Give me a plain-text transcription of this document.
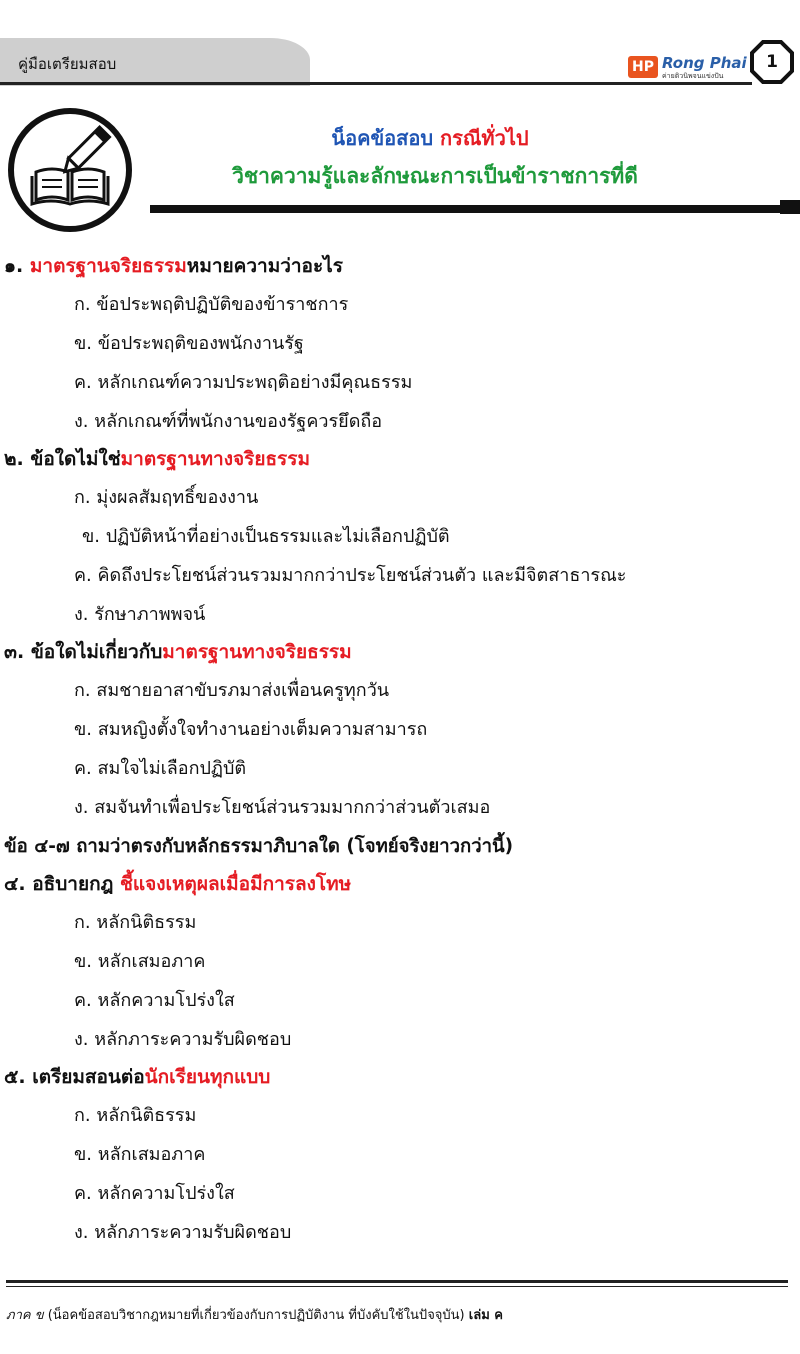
คู่มือเตรียมสอบ	HP Rong Phai
ค่ายติวนิพจนแข่งปัน
1
น็อคข้อสอบ กรณีทั่วไป
วิชาความรู้และลักษณะการเป็นข้าราชการที่ดี
๑. มาตรฐานจริยธรรมหมายความว่าอะไร
ก. ข้อประพฤติปฏิบัติของข้าราชการ
ข. ข้อประพฤติของพนักงานรัฐ
ค. หลักเกณฑ์ความประพฤติอย่างมีคุณธรรม
ง. หลักเกณฑ์ที่พนักงานของรัฐควรยึดถือ
๒. ข้อใดไม่ใช่มาตรฐานทางจริยธรรม
ก. มุ่งผลสัมฤทธิ์ของงาน
ข. ปฏิบัติหน้าที่อย่างเป็นธรรมและไม่เลือกปฏิบัติ
ค. คิดถึงประโยชน์ส่วนรวมมากกว่าประโยชน์ส่วนตัว และมีจิตสาธารณะ
ง. รักษาภาพพจน์
๓. ข้อใดไม่เกี่ยวกับมาตรฐานทางจริยธรรม
ก. สมชายอาสาขับรภมาส่งเพื่อนครูทุกวัน
ข. สมหญิงตั้งใจทำงานอย่างเต็มความสามารถ
ค. สมใจไม่เลือกปฏิบัติ
ง. สมจันทำเพื่อประโยชน์ส่วนรวมมากกว่าส่วนตัวเสมอ
ข้อ ๔-๗ ถามว่าตรงกับหลักธรรมาภิบาลใด (โจทย์จริงยาวกว่านี้)
๔. อธิบายกฎ ชี้แจงเหตุผลเมื่อมีการลงโทษ
ก. หลักนิติธรรม
ข. หลักเสมอภาค
ค. หลักความโปร่งใส
ง. หลักภาระความรับผิดชอบ
๕. เตรียมสอนต่อนักเรียนทุกแบบ
ก. หลักนิติธรรม
ข. หลักเสมอภาค
ค. หลักความโปร่งใส
ง. หลักภาระความรับผิดชอบ
ภาค ข (น็อคข้อสอบวิชากฎหมายที่เกี่ยวข้องกับการปฏิบัติงาน ที่บังคับใช้ในปัจจุบัน) เล่ม ค
